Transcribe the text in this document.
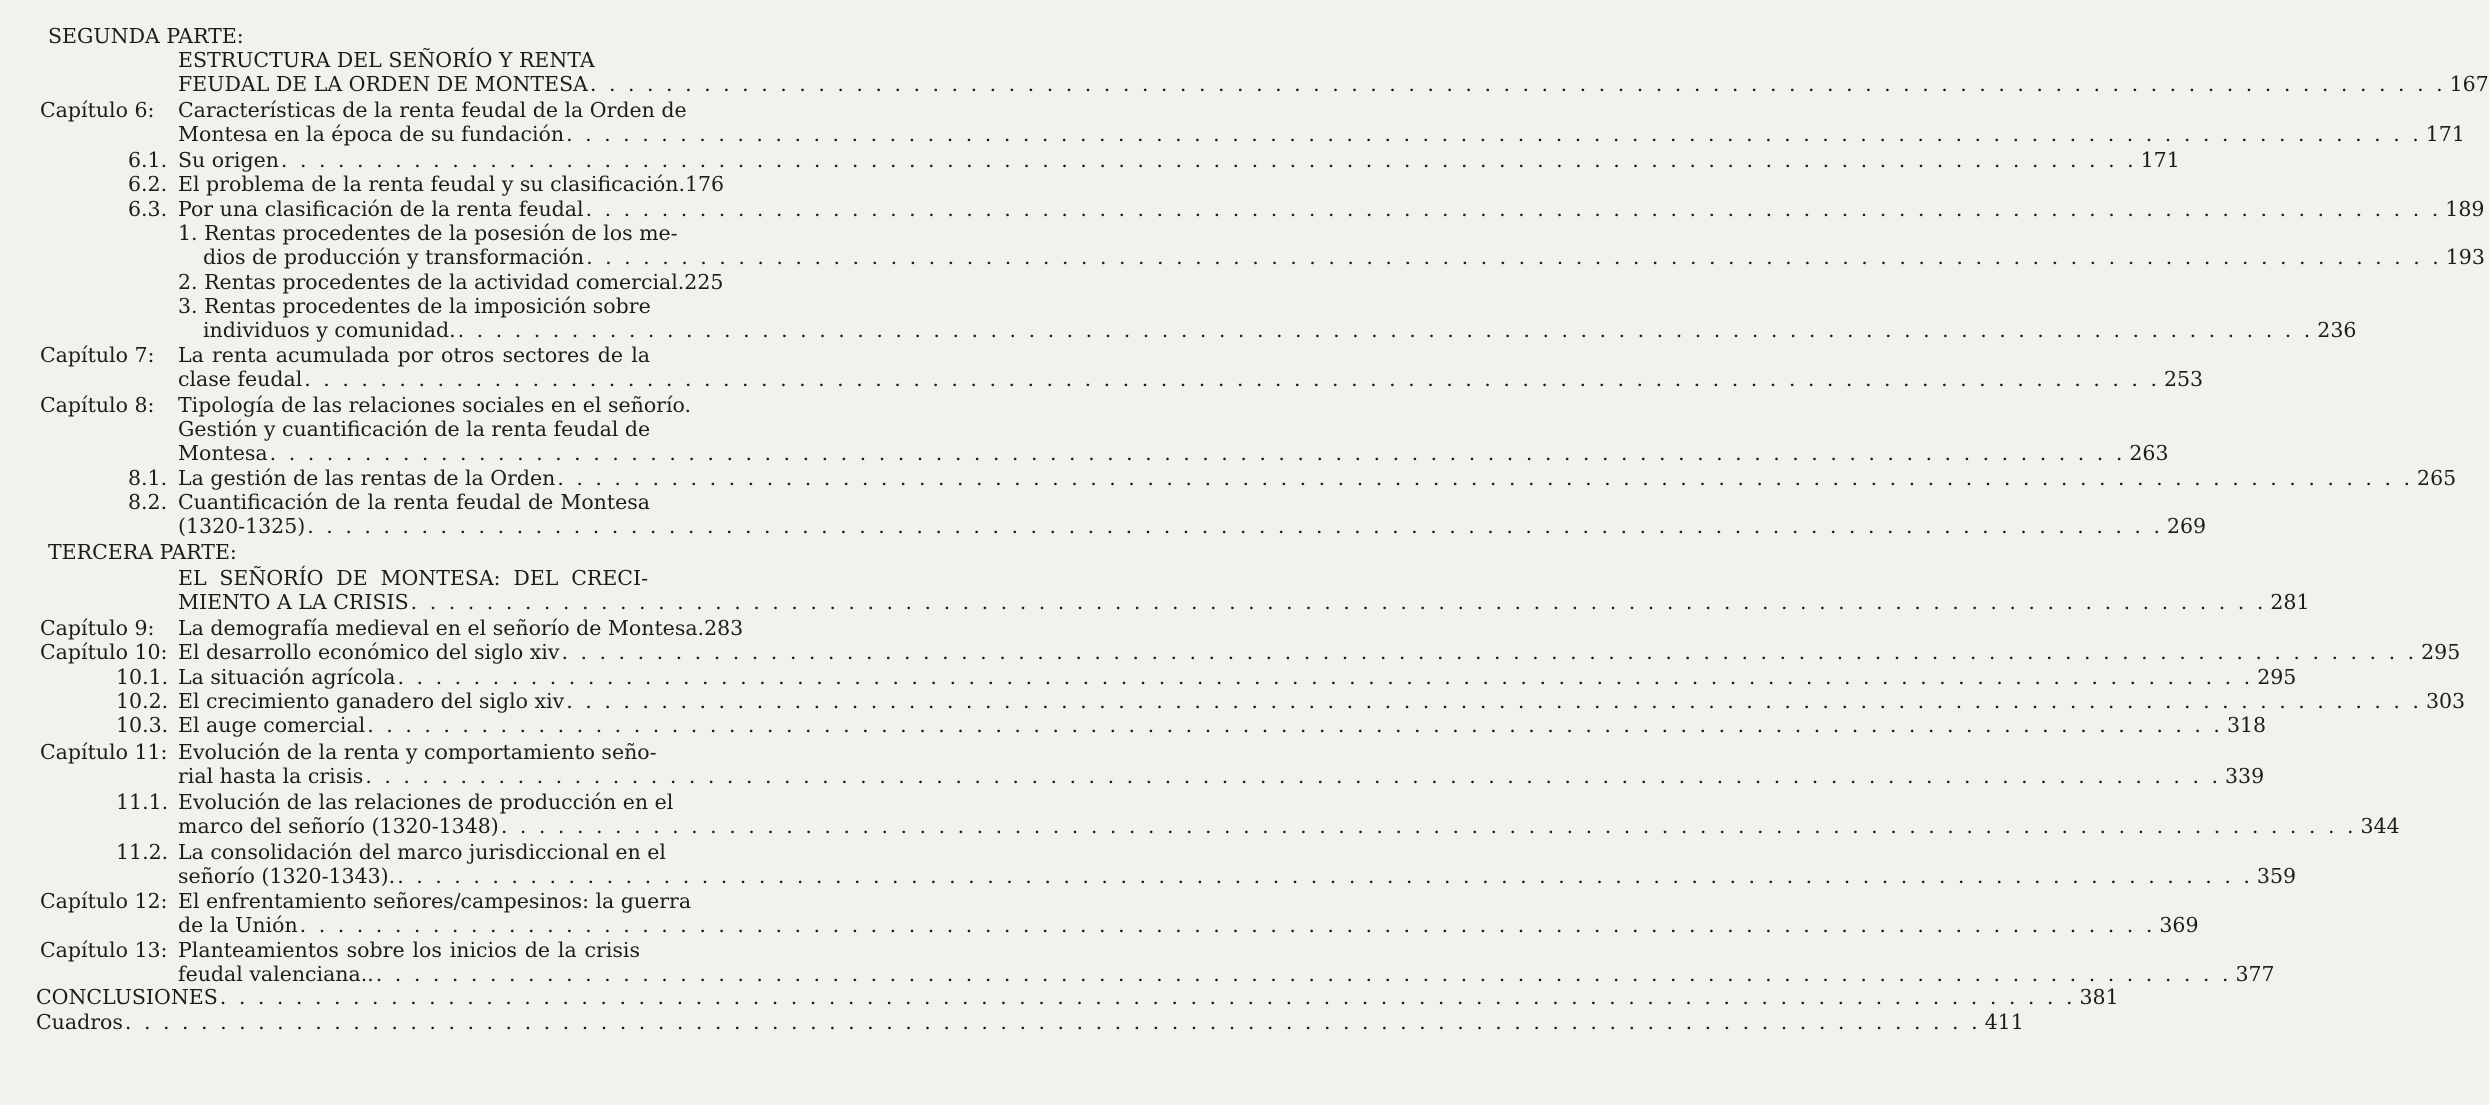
SEGUNDA PARTE:
ESTRUCTURA DEL SEÑORÍO Y RENTA
FEUDAL DE LA ORDEN DE MONTESA . . .	167
Capítulo 6: Características de la renta feudal de la Orden de
Montesa en la época de su fundación . . .	171
6.1. Su origen . . .	171
6.2. El problema de la renta feudal y su clasificación. 176
6.3. Por una clasificación de la renta feudal . . .	189
1. Rentas procedentes de la posesión de los me-
dios de producción y transformación . . .	193
2. Rentas procedentes de la actividad comercial. 225
3. Rentas procedentes de la imposición sobre
individuos y comunidad. . . .	236
Capítulo 7: La renta acumulada por otros sectores de la
clase feudal . . .	253
Capítulo 8: Tipología de las relaciones sociales en el señorío.
Gestión y cuantificación de la renta feudal de
Montesa . . .	263
8.1. La gestión de las rentas de la Orden . . .	265
8.2. Cuantificación de la renta feudal de Montesa
(1320-1325) . . .	269
TERCERA PARTE:
EL SEÑORÍO DE MONTESA: DEL CRECI-
MIENTO A LA CRISIS . . .	281
Capítulo 9: La demografía medieval en el señorío de Montesa. 283
Capítulo 10: El desarrollo económico del siglo xiv . . .	295
10.1. La situación agrícola . . .	295
10.2. El crecimiento ganadero del siglo xiv . . .	303
10.3. El auge comercial . . .	318
Capítulo 11: Evolución de la renta y comportamiento seño-
rial hasta la crisis . . .	339
11.1. Evolución de las relaciones de producción en el
marco del señorío (1320-1348) . . .	344
11.2. La consolidación del marco jurisdiccional en el
señorío (1320-1343). . . .	359
Capítulo 12: El enfrentamiento señores/campesinos: la guerra
de la Unión . . .	369
Capítulo 13: Planteamientos sobre los inicios de la crisis
feudal valenciana.. . . .	377
CONCLUSIONES . . .	381
Cuadros . . .	411
